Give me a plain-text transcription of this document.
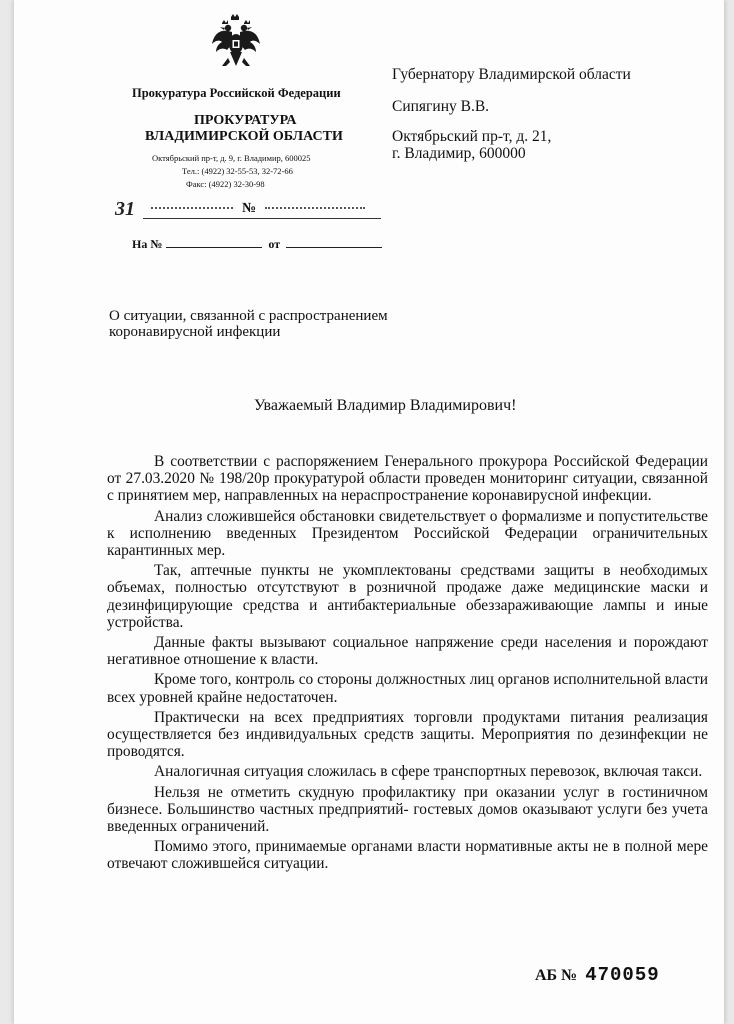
Прокуратура Российской Федерации
ПРОКУРАТУРА
ВЛАДИМИРСКОЙ ОБЛАСТИ
Октябрьский пр-т, д. 9, г. Владимир, 600025
Тел.: (4922) 32-55-53, 32-72-66
Факс: (4922) 32-30-98
31	№
На №	от
Губернатору Владимирской области
Сипягину В.В.
Октябрьский пр-т, д. 21,
г. Владимир, 600000
О ситуации, связанной с распространением коронавирусной инфекции
Уважаемый Владимир Владимирович!

В соответствии с распоряжением Генерального прокурора Российской Федерации от 27.03.2020 № 198/20р прокуратурой области проведен мониторинг ситуации, связанной с принятием мер, направленных на нераспространение коронавирусной инфекции.

Анализ сложившейся обстановки свидетельствует о формализме и попустительстве к исполнению введенных Президентом Российской Федерации ограничительных карантинных мер.

Так, аптечные пункты не укомплектованы средствами защиты в необходимых объемах, полностью отсутствуют в розничной продаже даже медицинские маски и дезинфицирующие средства и антибактериальные обеззараживающие лампы и иные устройства.

Данные факты вызывают социальное напряжение среди населения и порождают негативное отношение к власти.

Кроме того, контроль со стороны должностных лиц органов исполнительной власти всех уровней крайне недостаточен.

Практически на всех предприятиях торговли продуктами питания реализация осуществляется без индивидуальных средств защиты. Мероприятия по дезинфекции не проводятся.

Аналогичная ситуация сложилась в сфере транспортных перевозок, включая такси.

Нельзя не отметить скудную профилактику при оказании услуг в гостиничном бизнесе. Большинство частных предприятий- гостевых домов оказывают услуги без учета введенных ограничений.

Помимо этого, принимаемые органами власти нормативные акты не в полной мере отвечают сложившейся ситуации.

АБ № 470059
